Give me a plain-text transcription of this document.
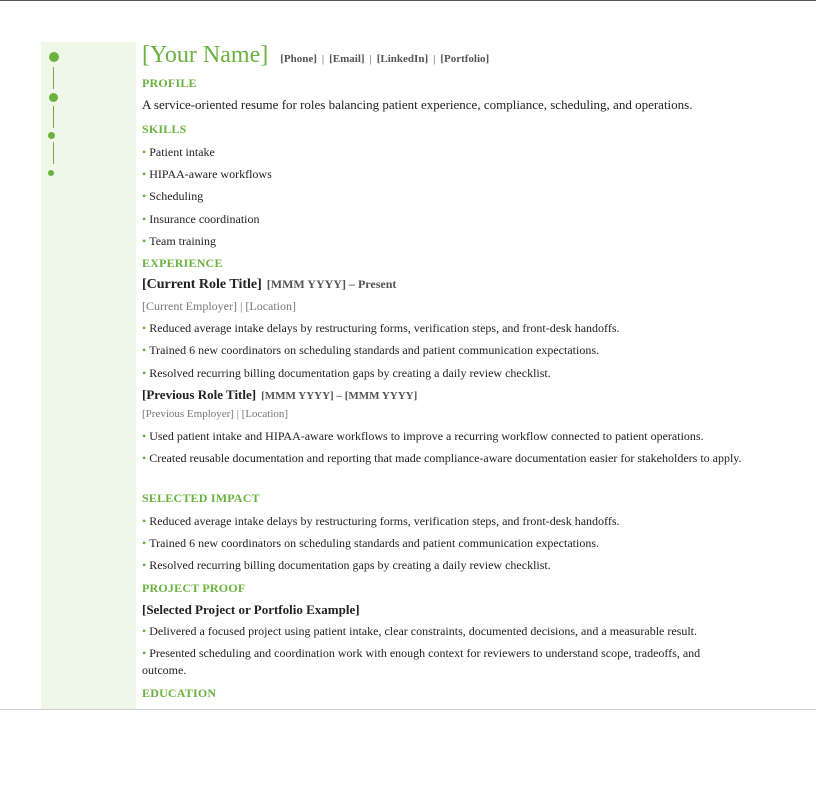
[Your Name] [Phone] | [Email] | [LinkedIn] | [Portfolio]
PROFILE
A service-oriented resume for roles balancing patient experience, compliance, scheduling, and operations.
SKILLS
• Patient intake
• HIPAA-aware workflows
• Scheduling
• Insurance coordination
• Team training
EXPERIENCE
[Current Role Title] [MMM YYYY] – Present
[Current Employer] | [Location]
• Reduced average intake delays by restructuring forms, verification steps, and front-desk handoffs.
• Trained 6 new coordinators on scheduling standards and patient communication expectations.
• Resolved recurring billing documentation gaps by creating a daily review checklist.
[Previous Role Title] [MMM YYYY] – [MMM YYYY]
[Previous Employer] | [Location]
• Used patient intake and HIPAA-aware workflows to improve a recurring workflow connected to patient operations.
• Created reusable documentation and reporting that made compliance-aware documentation easier for stakeholders to apply.
SELECTED IMPACT
• Reduced average intake delays by restructuring forms, verification steps, and front-desk handoffs.
• Trained 6 new coordinators on scheduling standards and patient communication expectations.
• Resolved recurring billing documentation gaps by creating a daily review checklist.
PROJECT PROOF
[Selected Project or Portfolio Example]
• Delivered a focused project using patient intake, clear constraints, documented decisions, and a measurable result.
• Presented scheduling and coordination work with enough context for reviewers to understand scope, tradeoffs, and outcome.
EDUCATION
